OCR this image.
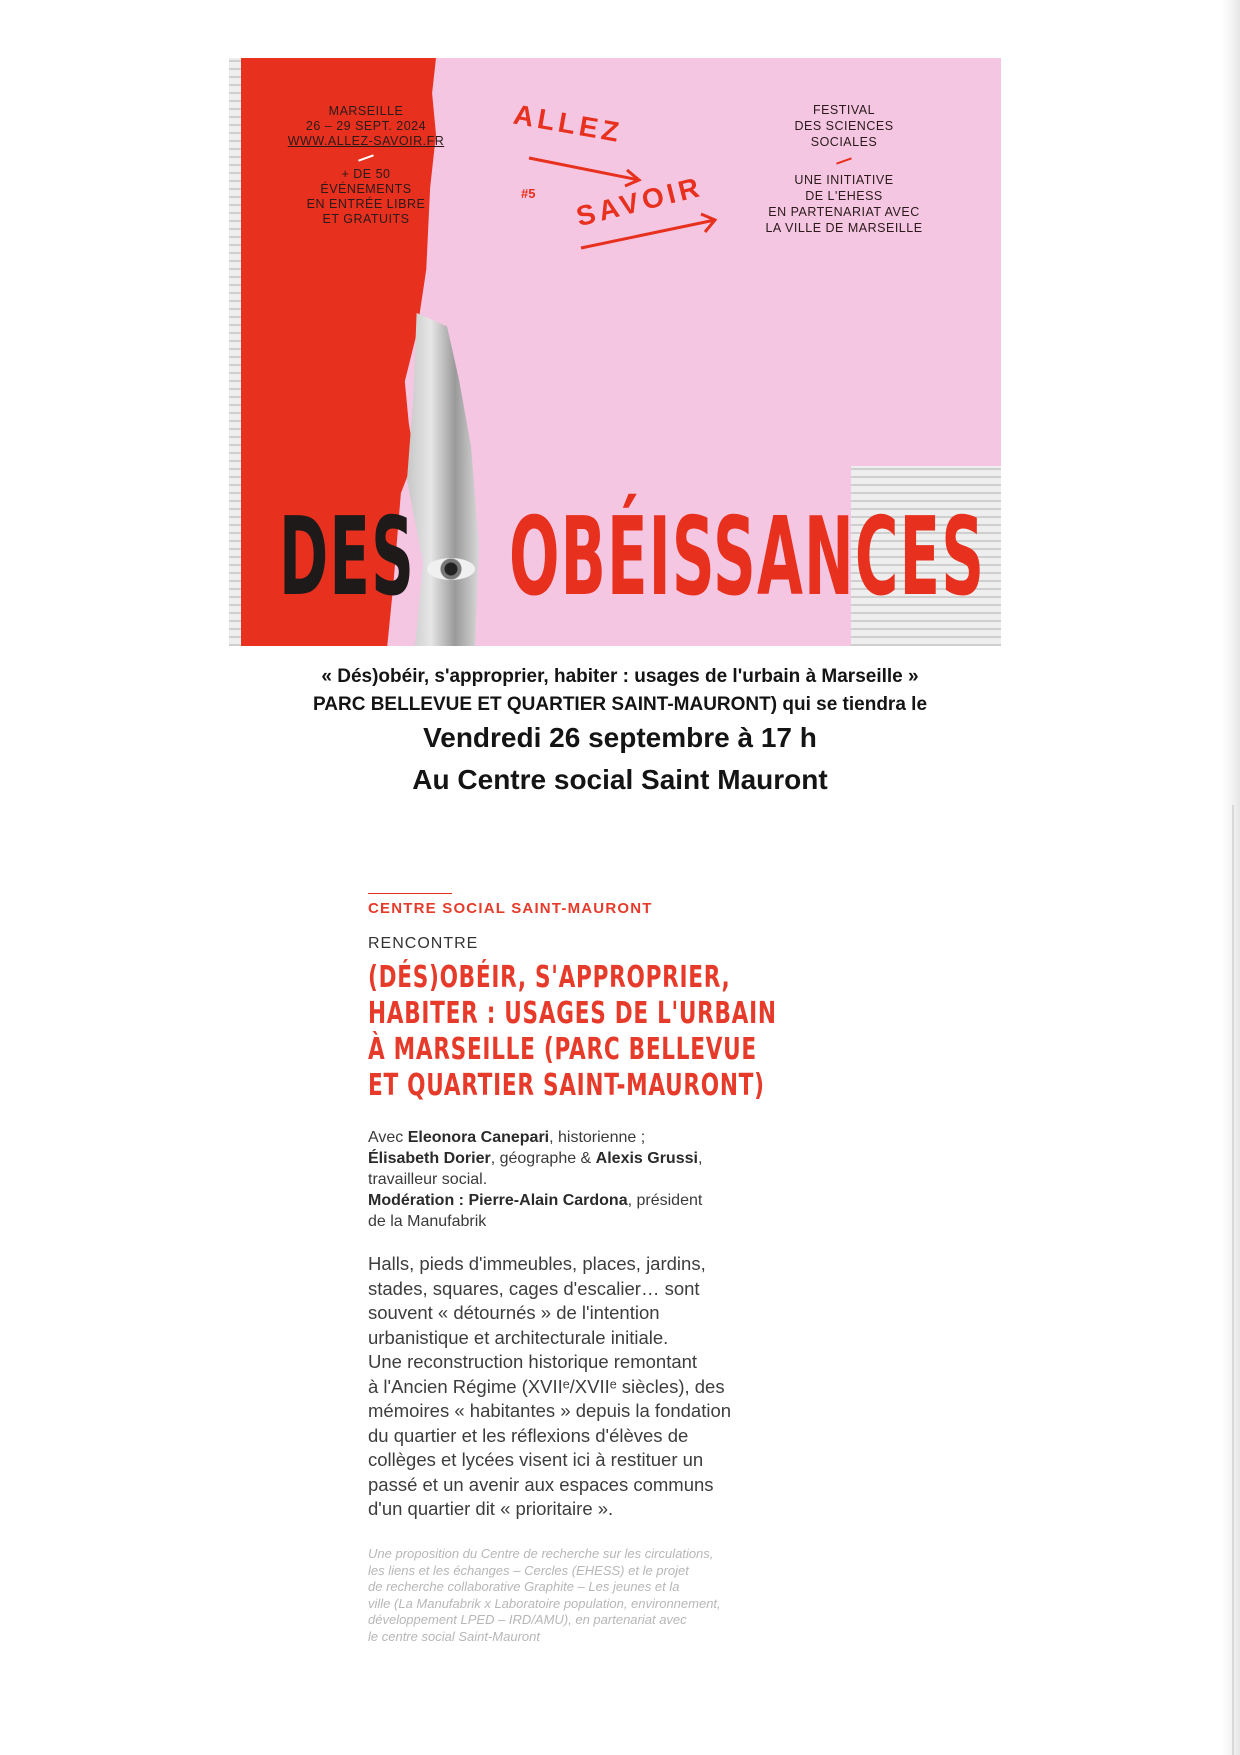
MARSEILLE
26 – 29 SEPT. 2024
WWW.ALLEZ-SAVOIR.FR
+ DE 50
ÉVÉNEMENTS
EN ENTRÉE LIBRE
ET GRATUITS
ALLEZ
#5 SAVOIR
FESTIVAL
DES SCIENCES
SOCIALES
UNE INITIATIVE
DE L'EHESS
EN PARTENARIAT AVEC
LA VILLE DE MARSEILLE
DES OBÉISSANCES
« Dés)obéir, s'approprier, habiter : usages de l'urbain à Marseille »
PARC BELLEVUE ET QUARTIER SAINT-MAURONT) qui se tiendra le
Vendredi 26 septembre à 17 h
Au Centre social Saint Mauront
CENTRE SOCIAL SAINT-MAURONT
RENCONTRE
(DÉS)OBÉIR, S'APPROPRIER,
HABITER : USAGES DE L'URBAIN
À MARSEILLE (PARC BELLEVUE
ET QUARTIER SAINT-MAURONT)
Avec Eleonora Canepari, historienne ;
Élisabeth Dorier, géographe & Alexis Grussi,
travailleur social.
Modération : Pierre-Alain Cardona, président
de la Manufabrik
Halls, pieds d'immeubles, places, jardins,
stades, squares, cages d'escalier… sont
souvent « détournés » de l'intention
urbanistique et architecturale initiale.
Une reconstruction historique remontant
à l'Ancien Régime (XVIIᵉ/XVIIᵉ siècles), des
mémoires « habitantes » depuis la fondation
du quartier et les réflexions d'élèves de
collèges et lycées visent ici à restituer un
passé et un avenir aux espaces communs
d'un quartier dit « prioritaire ».
Une proposition du Centre de recherche sur les circulations,
les liens et les échanges – Cercles (EHESS) et le projet
de recherche collaborative Graphite – Les jeunes et la
ville (La Manufabrik x Laboratoire population, environnement,
développement LPED – IRD/AMU), en partenariat avec
le centre social Saint-Mauront
